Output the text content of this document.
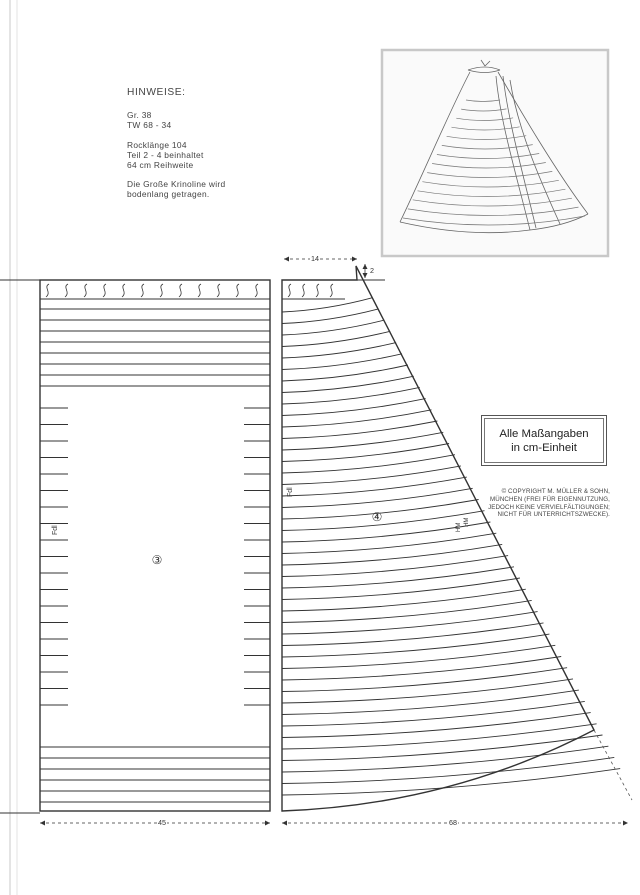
HINWEISE:
Gr. 38
TW 68 - 34
Rocklänge 104
Teil 2 - 4 beinhaltet
64 cm Reihweite
Die Große Krinoline wird
bodenlang getragen.
Fdl
③
Fdl
④
HM
HM
14
2
45	68
Alle Maßangaben
in cm-Einheit
© COPYRIGHT M. MÜLLER & SOHN,
MÜNCHEN (FREI FÜR EIGENNUTZUNG,
JEDOCH KEINE VERVIELFÄLTIGUNGEN;
NICHT FÜR UNTERRICHTSZWECKE).
